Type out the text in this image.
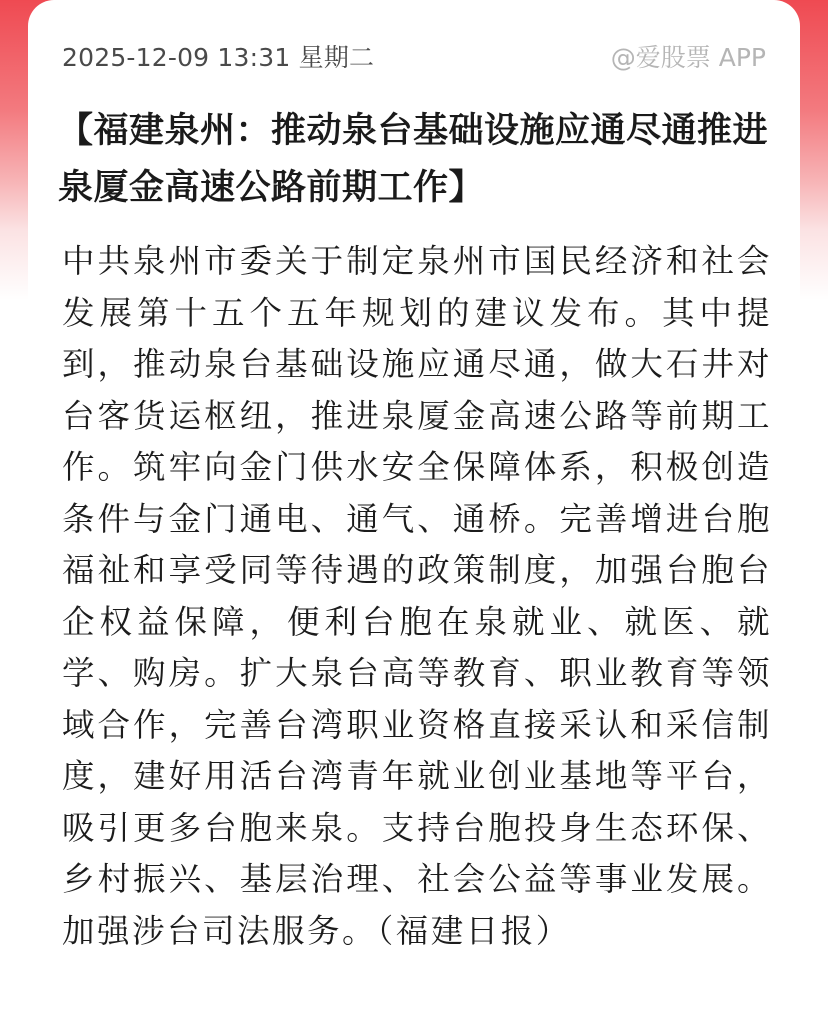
2025-12-09 13:31 星期二	@爱股票 APP
【福建泉州：推动泉台基础设施应通尽通推进泉厦金高速公路前期工作】

中共泉州市委关于制定泉州市国民经济和社会发展第十五个五年规划的建议发布。其中提到，推动泉台基础设施应通尽通，做大石井对台客货运枢纽，推进泉厦金高速公路等前期工作。筑牢向金门供水安全保障体系，积极创造条件与金门通电、通气、通桥。完善增进台胞福祉和享受同等待遇的政策制度，加强台胞台企权益保障，便利台胞在泉就业、就医、就学、购房。扩大泉台高等教育、职业教育等领域合作，完善台湾职业资格直接采认和采信制度，建好用活台湾青年就业创业基地等平台，吸引更多台胞来泉。支持台胞投身生态环保、乡村振兴、基层治理、社会公益等事业发展。加强涉台司法服务。（福建日报）
